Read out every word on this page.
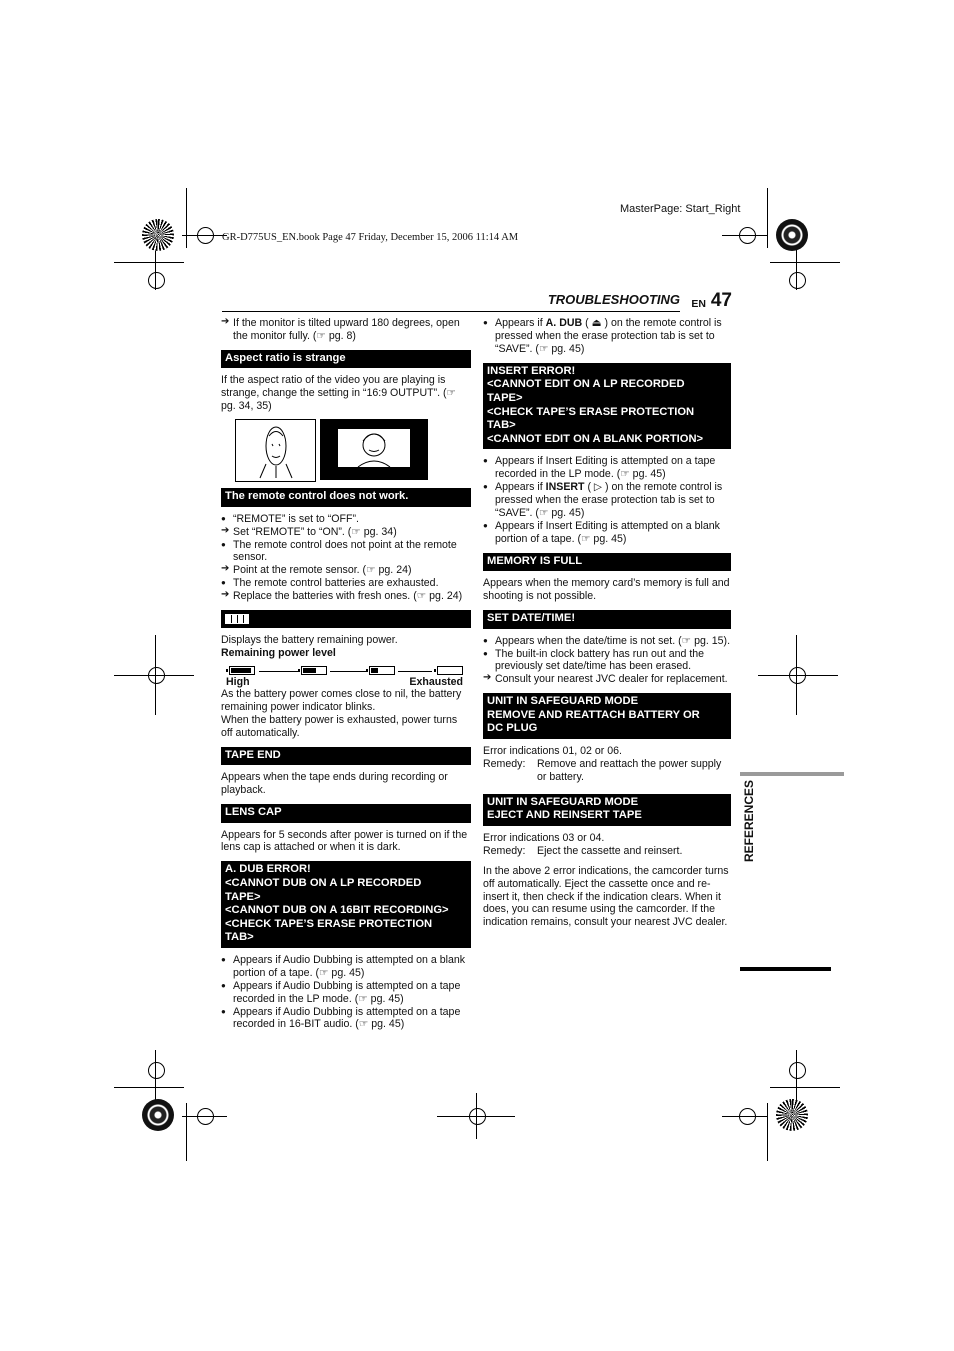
MasterPage: Start_Right
GR-D775US_EN.book Page 47 Friday, December 15, 2006 11:14 AM
TROUBLESHOOTING EN 47
REFERENCES
➔ If the monitor is tilted upward 180 degrees, open the monitor fully. (☞ pg. 8)
Aspect ratio is strange
If the aspect ratio of the video you are playing is strange, change the setting in “16:9 OUTPUT”. (☞ pg. 34, 35)
The remote control does not work.
● “REMOTE” is set to “OFF”.
➔ Set “REMOTE” to “ON”. (☞ pg. 34)
● The remote control does not point at the remote sensor.
➔ Point at the remote sensor. (☞ pg. 24)
● The remote control batteries are exhausted.
➔ Replace the batteries with fresh ones. (☞ pg. 24)
Displays the battery remaining power.
Remaining power level
High	Exhausted
As the battery power comes close to nil, the battery remaining power indicator blinks.
When the battery power is exhausted, power turns off automatically.
TAPE END
Appears when the tape ends during recording or playback.
LENS CAP
Appears for 5 seconds after power is turned on if the lens cap is attached or when it is dark.
A. DUB ERROR!
<CANNOT DUB ON A LP RECORDED
TAPE>
<CANNOT DUB ON A 16BIT RECORDING>
<CHECK TAPE’S ERASE PROTECTION
TAB>
● Appears if Audio Dubbing is attempted on a blank portion of a tape. (☞ pg. 45)
● Appears if Audio Dubbing is attempted on a tape recorded in the LP mode. (☞ pg. 45)
● Appears if Audio Dubbing is attempted on a tape recorded in 16-BIT audio. (☞ pg. 45)
● Appears if A. DUB ( ⏏ ) on the remote control is pressed when the erase protection tab is set to “SAVE”. (☞ pg. 45)
INSERT ERROR!
<CANNOT EDIT ON A LP RECORDED
TAPE>
<CHECK TAPE’S ERASE PROTECTION
TAB>
<CANNOT EDIT ON A BLANK PORTION>
● Appears if Insert Editing is attempted on a tape recorded in the LP mode. (☞ pg. 45)
● Appears if INSERT ( ▷ ) on the remote control is pressed when the erase protection tab is set to “SAVE”. (☞ pg. 45)
● Appears if Insert Editing is attempted on a blank portion of a tape. (☞ pg. 45)
MEMORY IS FULL
Appears when the memory card’s memory is full and shooting is not possible.
SET DATE/TIME!
● Appears when the date/time is not set. (☞ pg. 15).
● The built-in clock battery has run out and the previously set date/time has been erased.
➔ Consult your nearest JVC dealer for replacement.
UNIT IN SAFEGUARD MODE
REMOVE AND REATTACH BATTERY OR
DC PLUG
Error indications 01, 02 or 06.
Remedy:	Remove and reattach the power supply or battery.
UNIT IN SAFEGUARD MODE
EJECT AND REINSERT TAPE
Error indications 03 or 04.
Remedy:	Eject the cassette and reinsert.
In the above 2 error indications, the camcorder turns off automatically. Eject the cassette once and re-insert it, then check if the indication clears. When it does, you can resume using the camcorder. If the indication remains, consult your nearest JVC dealer.
